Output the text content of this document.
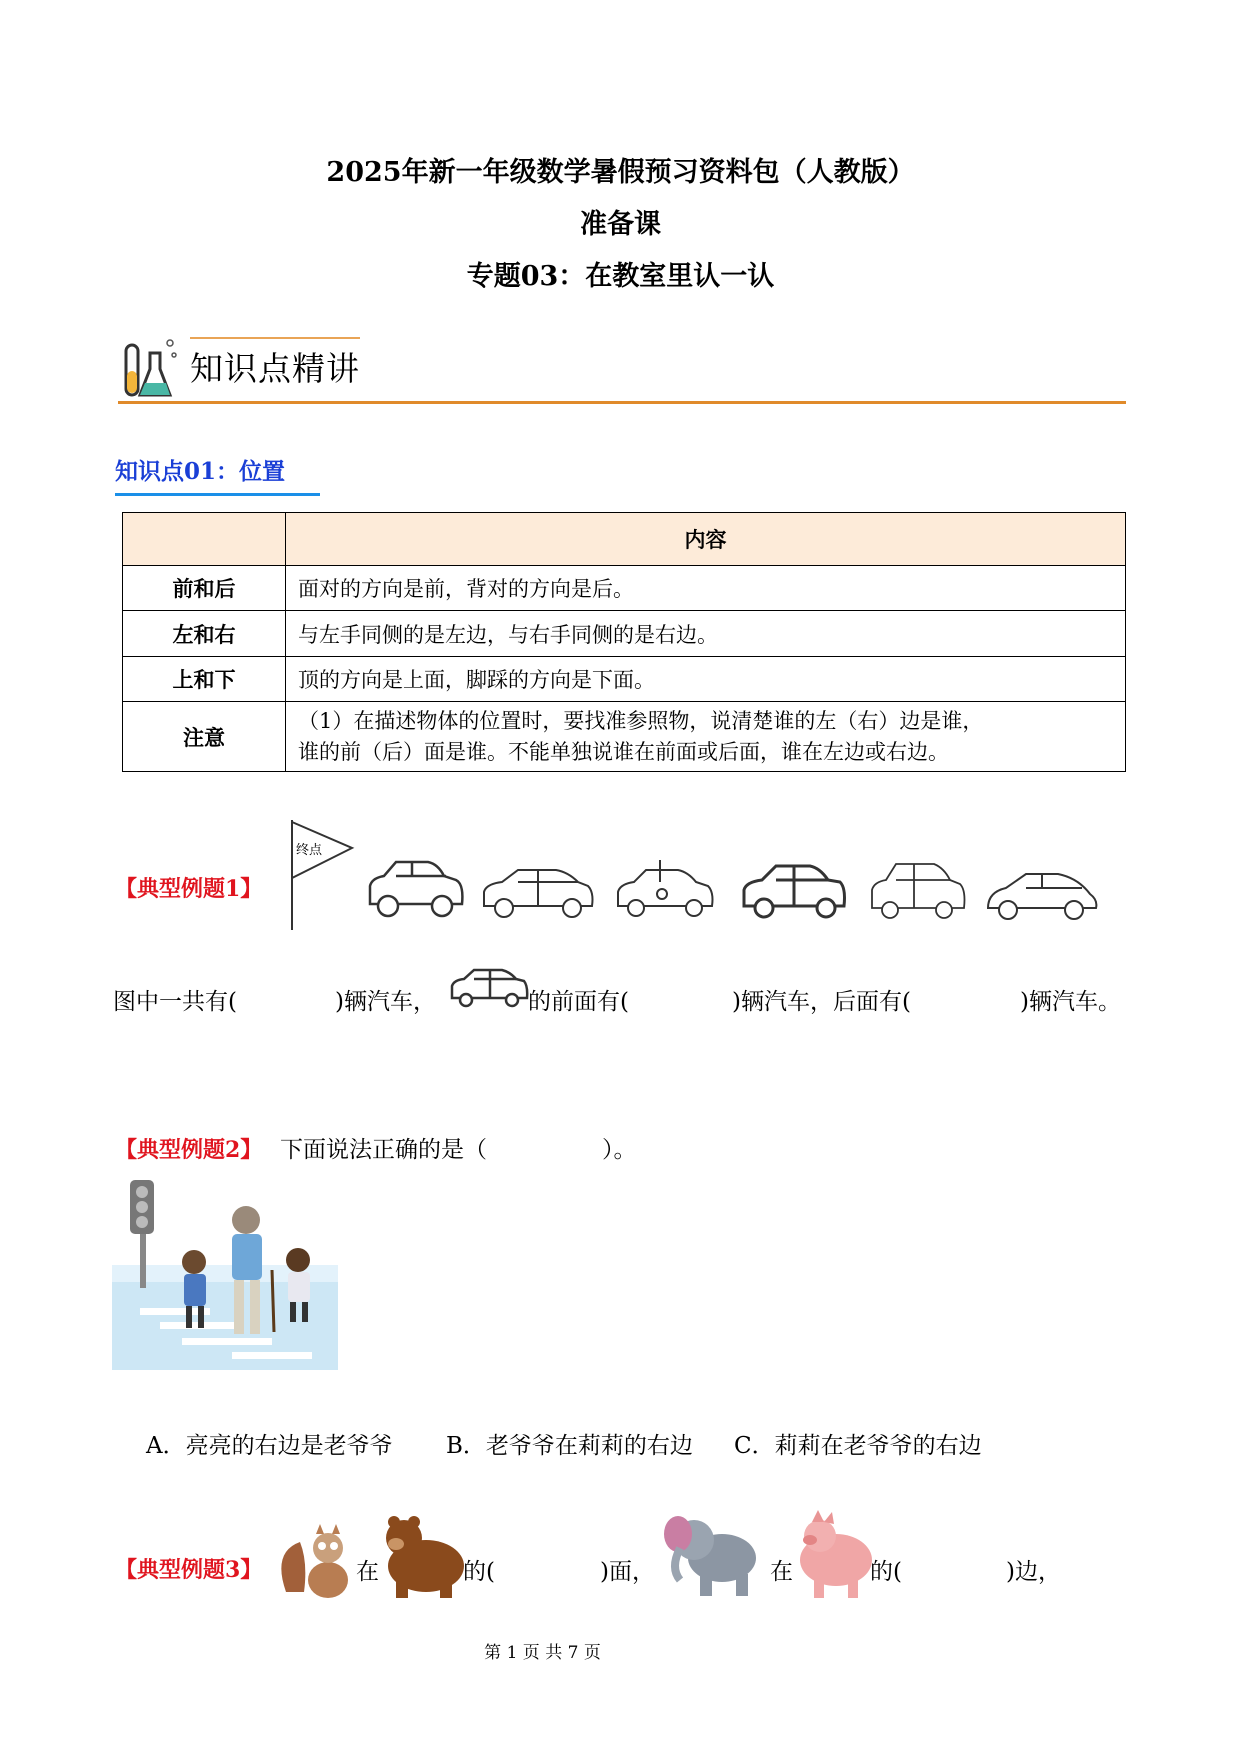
2025年新一年级数学暑假预习资料包（人教版）
准备课
专题03：在教室里认一认
知识点精讲
知识点01：位置
	内容
前和后	面对的方向是前，背对的方向是后。
左和右	与左手同侧的是左边，与右手同侧的是右边。
上和下	顶的方向是上面，脚踩的方向是下面。
注意	（1）在描述物体的位置时，要找准参照物，说清楚谁的左（右）边是谁，
谁的前（后）面是谁。不能单独说谁在前面或后面，谁在左边或右边。
【典型例题1】
终点
图中一共有(	)辆汽车，	的前面有(	)辆汽车，后面有(	)辆汽车。
【典型例题2】 下面说法正确的是（　　　　　）。
A．亮亮的右边是老爷爷 B．老爷爷在莉莉的右边 C．莉莉在老爷爷的右边
【典型例题3】	在	的(	)面，	在	的(	)边，
第 1 页 共 7 页
